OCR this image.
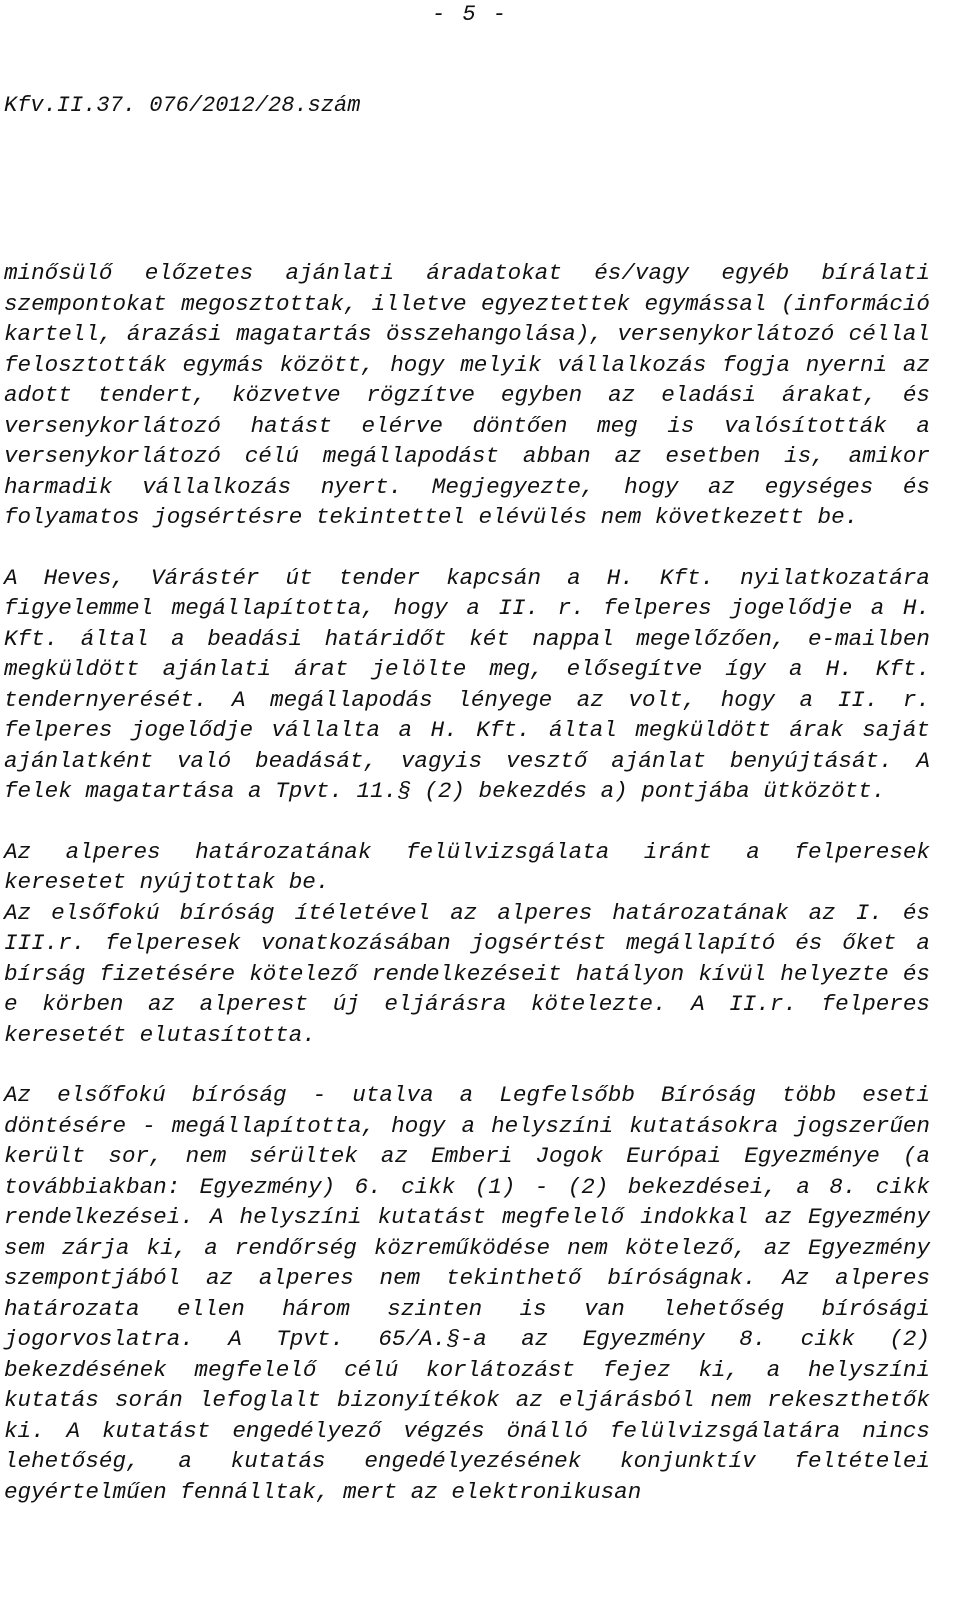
- 5 -
Kfv.II.37. 076/2012/28.szám

minősülő előzetes ajánlati áradatokat és/vagy egyéb bírálati szempontokat megosztottak, illetve egyeztettek egymással (információ kartell, árazási magatartás összehangolása), versenykorlátozó céllal felosztották egymás között, hogy melyik vállalkozás fogja nyerni az adott tendert, közvetve rögzítve egyben az eladási árakat, és versenykorlátozó hatást elérve döntően meg is valósították a versenykorlátozó célú megállapodást abban az esetben is, amikor harmadik vállalkozás nyert. Megjegyezte, hogy az egységes és folyamatos jogsértésre tekintettel elévülés nem következett be.

A Heves, Várástér út tender kapcsán a H. Kft. nyilatkozatára figyelemmel megállapította, hogy a II. r. felperes jogelődje a H. Kft. által a beadási határidőt két nappal megelőzően, e-mailben megküldött ajánlati árat jelölte meg, elősegítve így a H. Kft. tendernyerését. A megállapodás lényege az volt, hogy a II. r. felperes jogelődje vállalta a H. Kft. által megküldött árak saját ajánlatként való beadását, vagyis vesztő ajánlat benyújtását. A felek magatartása a Tpvt. 11.§ (2) bekezdés a) pontjába ütközött.

Az alperes határozatának felülvizsgálata iránt a felperesek keresetet nyújtottak be.

Az elsőfokú bíróság ítéletével az alperes határozatának az I. és III.r. felperesek vonatkozásában jogsértést megállapító és őket a bírság fizetésére kötelező rendelkezéseit hatályon kívül helyezte és e körben az alperest új eljárásra kötelezte. A II.r. felperes keresetét elutasította.

Az elsőfokú bíróság - utalva a Legfelsőbb Bíróság több eseti döntésére - megállapította, hogy a helyszíni kutatásokra jogszerűen került sor, nem sérültek az Emberi Jogok Európai Egyezménye (a továbbiakban: Egyezmény) 6. cikk (1) - (2) bekezdései, a 8. cikk rendelkezései. A helyszíni kutatást megfelelő indokkal az Egyezmény sem zárja ki, a rendőrség közreműködése nem kötelező, az Egyezmény szempontjából az alperes nem tekinthető bíróságnak. Az alperes határozata ellen három szinten is van lehetőség bírósági jogorvoslatra. A Tpvt. 65/A.§-a az Egyezmény 8. cikk (2) bekezdésének megfelelő célú korlátozást fejez ki, a helyszíni kutatás során lefoglalt bizonyítékok az eljárásból nem rekeszthetők ki. A kutatást engedélyező végzés önálló felülvizsgálatára nincs lehetőség, a kutatás engedélyezésének konjunktív feltételei egyértelműen fennálltak, mert az elektronikusan
